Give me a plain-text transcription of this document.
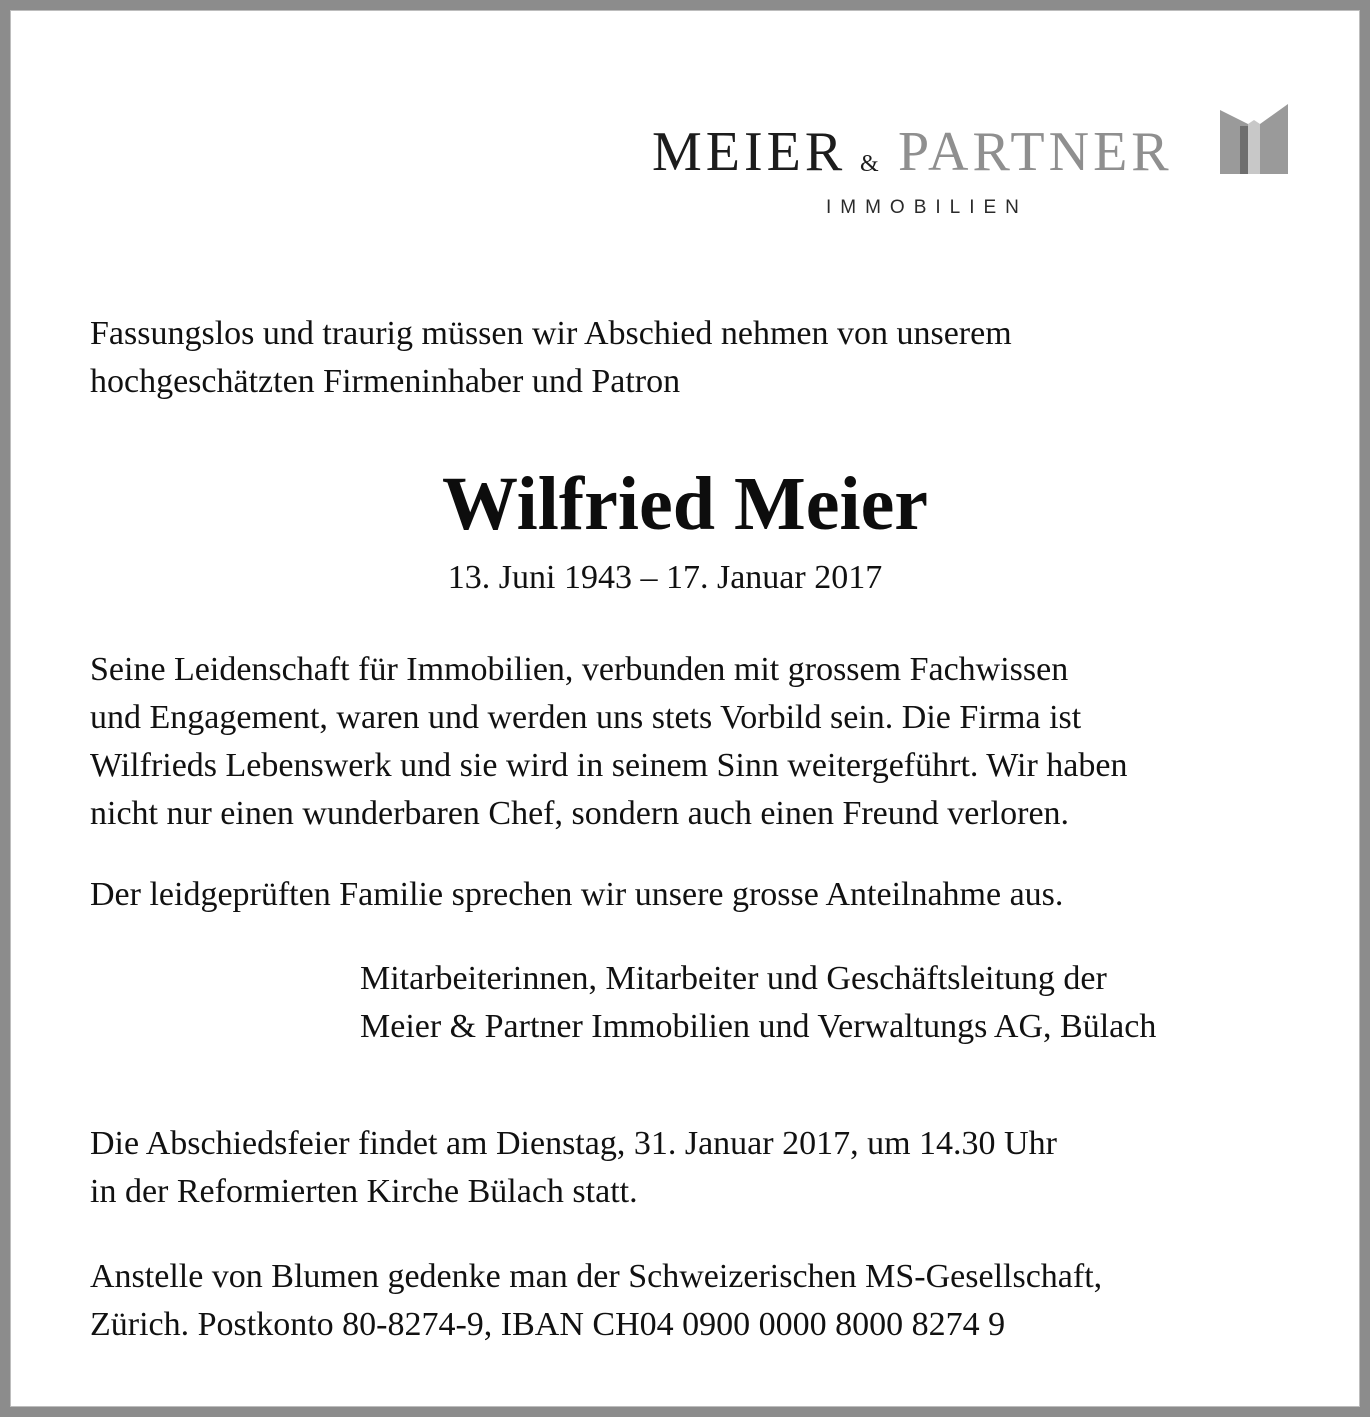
MEIER & PARTNER
IMMOBILIEN
Fassungslos und traurig müssen wir Abschied nehmen von unserem
hochgeschätzten Firmeninhaber und Patron
Wilfried Meier
13. Juni 1943 – 17. Januar 2017
Seine Leidenschaft für Immobilien, verbunden mit grossem Fachwissen
und Engagement, waren und werden uns stets Vorbild sein. Die Firma ist
Wilfrieds Lebenswerk und sie wird in seinem Sinn weitergeführt. Wir haben
nicht nur einen wunderbaren Chef, sondern auch einen Freund verloren.
Der leidgeprüften Familie sprechen wir unsere grosse Anteilnahme aus.
Mitarbeiterinnen, Mitarbeiter und Geschäftsleitung der
Meier & Partner Immobilien und Verwaltungs AG, Bülach
Die Abschiedsfeier findet am Dienstag, 31. Januar 2017, um 14.30 Uhr
in der Reformierten Kirche Bülach statt.
Anstelle von Blumen gedenke man der Schweizerischen MS-Gesellschaft,
Zürich. Postkonto 80-8274-9, IBAN CH04 0900 0000 8000 8274 9
